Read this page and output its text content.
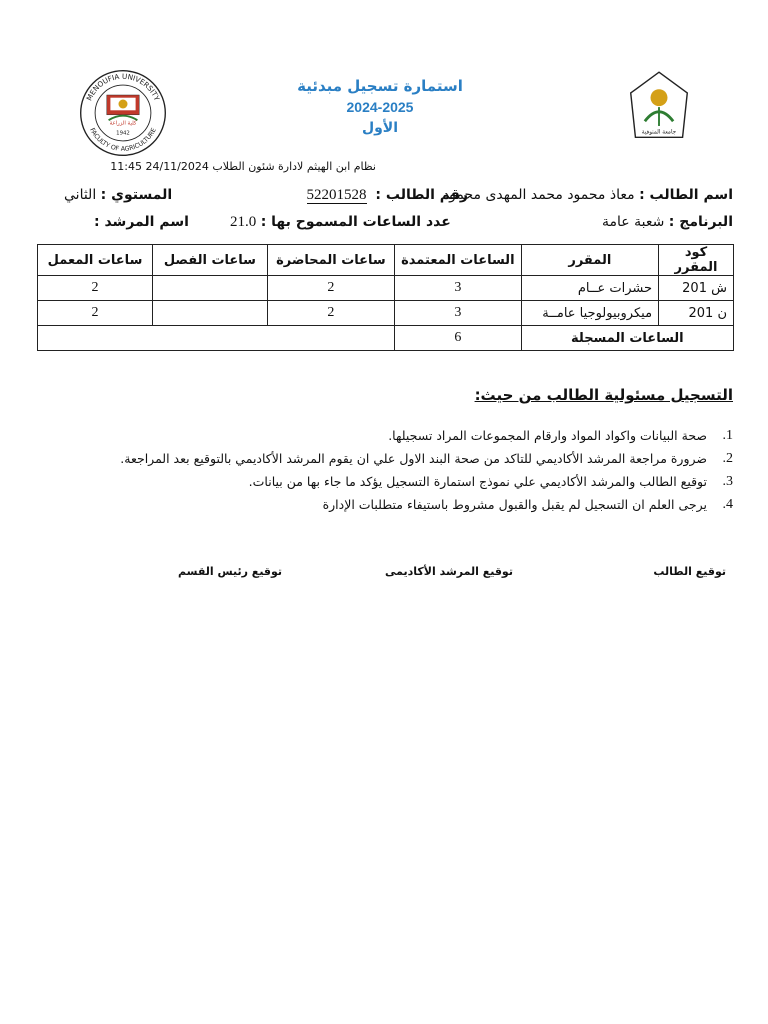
MENOUFIA UNIVERSITY
FACULTY OF AGRICULTURE
كلية الزراعة
1942
استمارة تسجيل مبدئية
2024-2025
الأول	جامعة المنوفية
نظام ابن الهيثم لادارة شئون الطلاب 24/11/2024 11:45
اسم الطالب : معاذ محمود محمد المهدى محمود
رقم الطالب :  52201528
المستوي : الثاني
البرنامج : شعبة عامة
عدد الساعات المسموح بها : 21.0
اسم المرشد :
كود المقرر	المقرر	الساعات المعتمدة	ساعات المحاضرة	ساعات الفصل	ساعات المعمل
ش 201	حشرات عــام	3	2		2
ن 201	ميكروبيولوجيا عامــة	3	2		2
الساعات المسجلة		6			
التسجيل مسئولية الطالب من حيث:
1.
صحة البيانات واكواد المواد وارقام المجموعات المراد تسجيلها.
2.
ضرورة مراجعة المرشد الأكاديمي للتاكد من صحة البند الاول علي ان يقوم المرشد الأكاديمي بالتوقيع بعد المراجعة.
3.
توقيع الطالب والمرشد الأكاديمي علي نموذج استمارة التسجيل يؤكد ما جاء بها من بيانات.
4.
يرجى العلم ان التسجيل لم يقبل والقبول مشروط باستيفاء متطلبات الإدارة
توقيع الطالب
توقيع المرشد الأكاديمى
توقيع رئيس القسم
